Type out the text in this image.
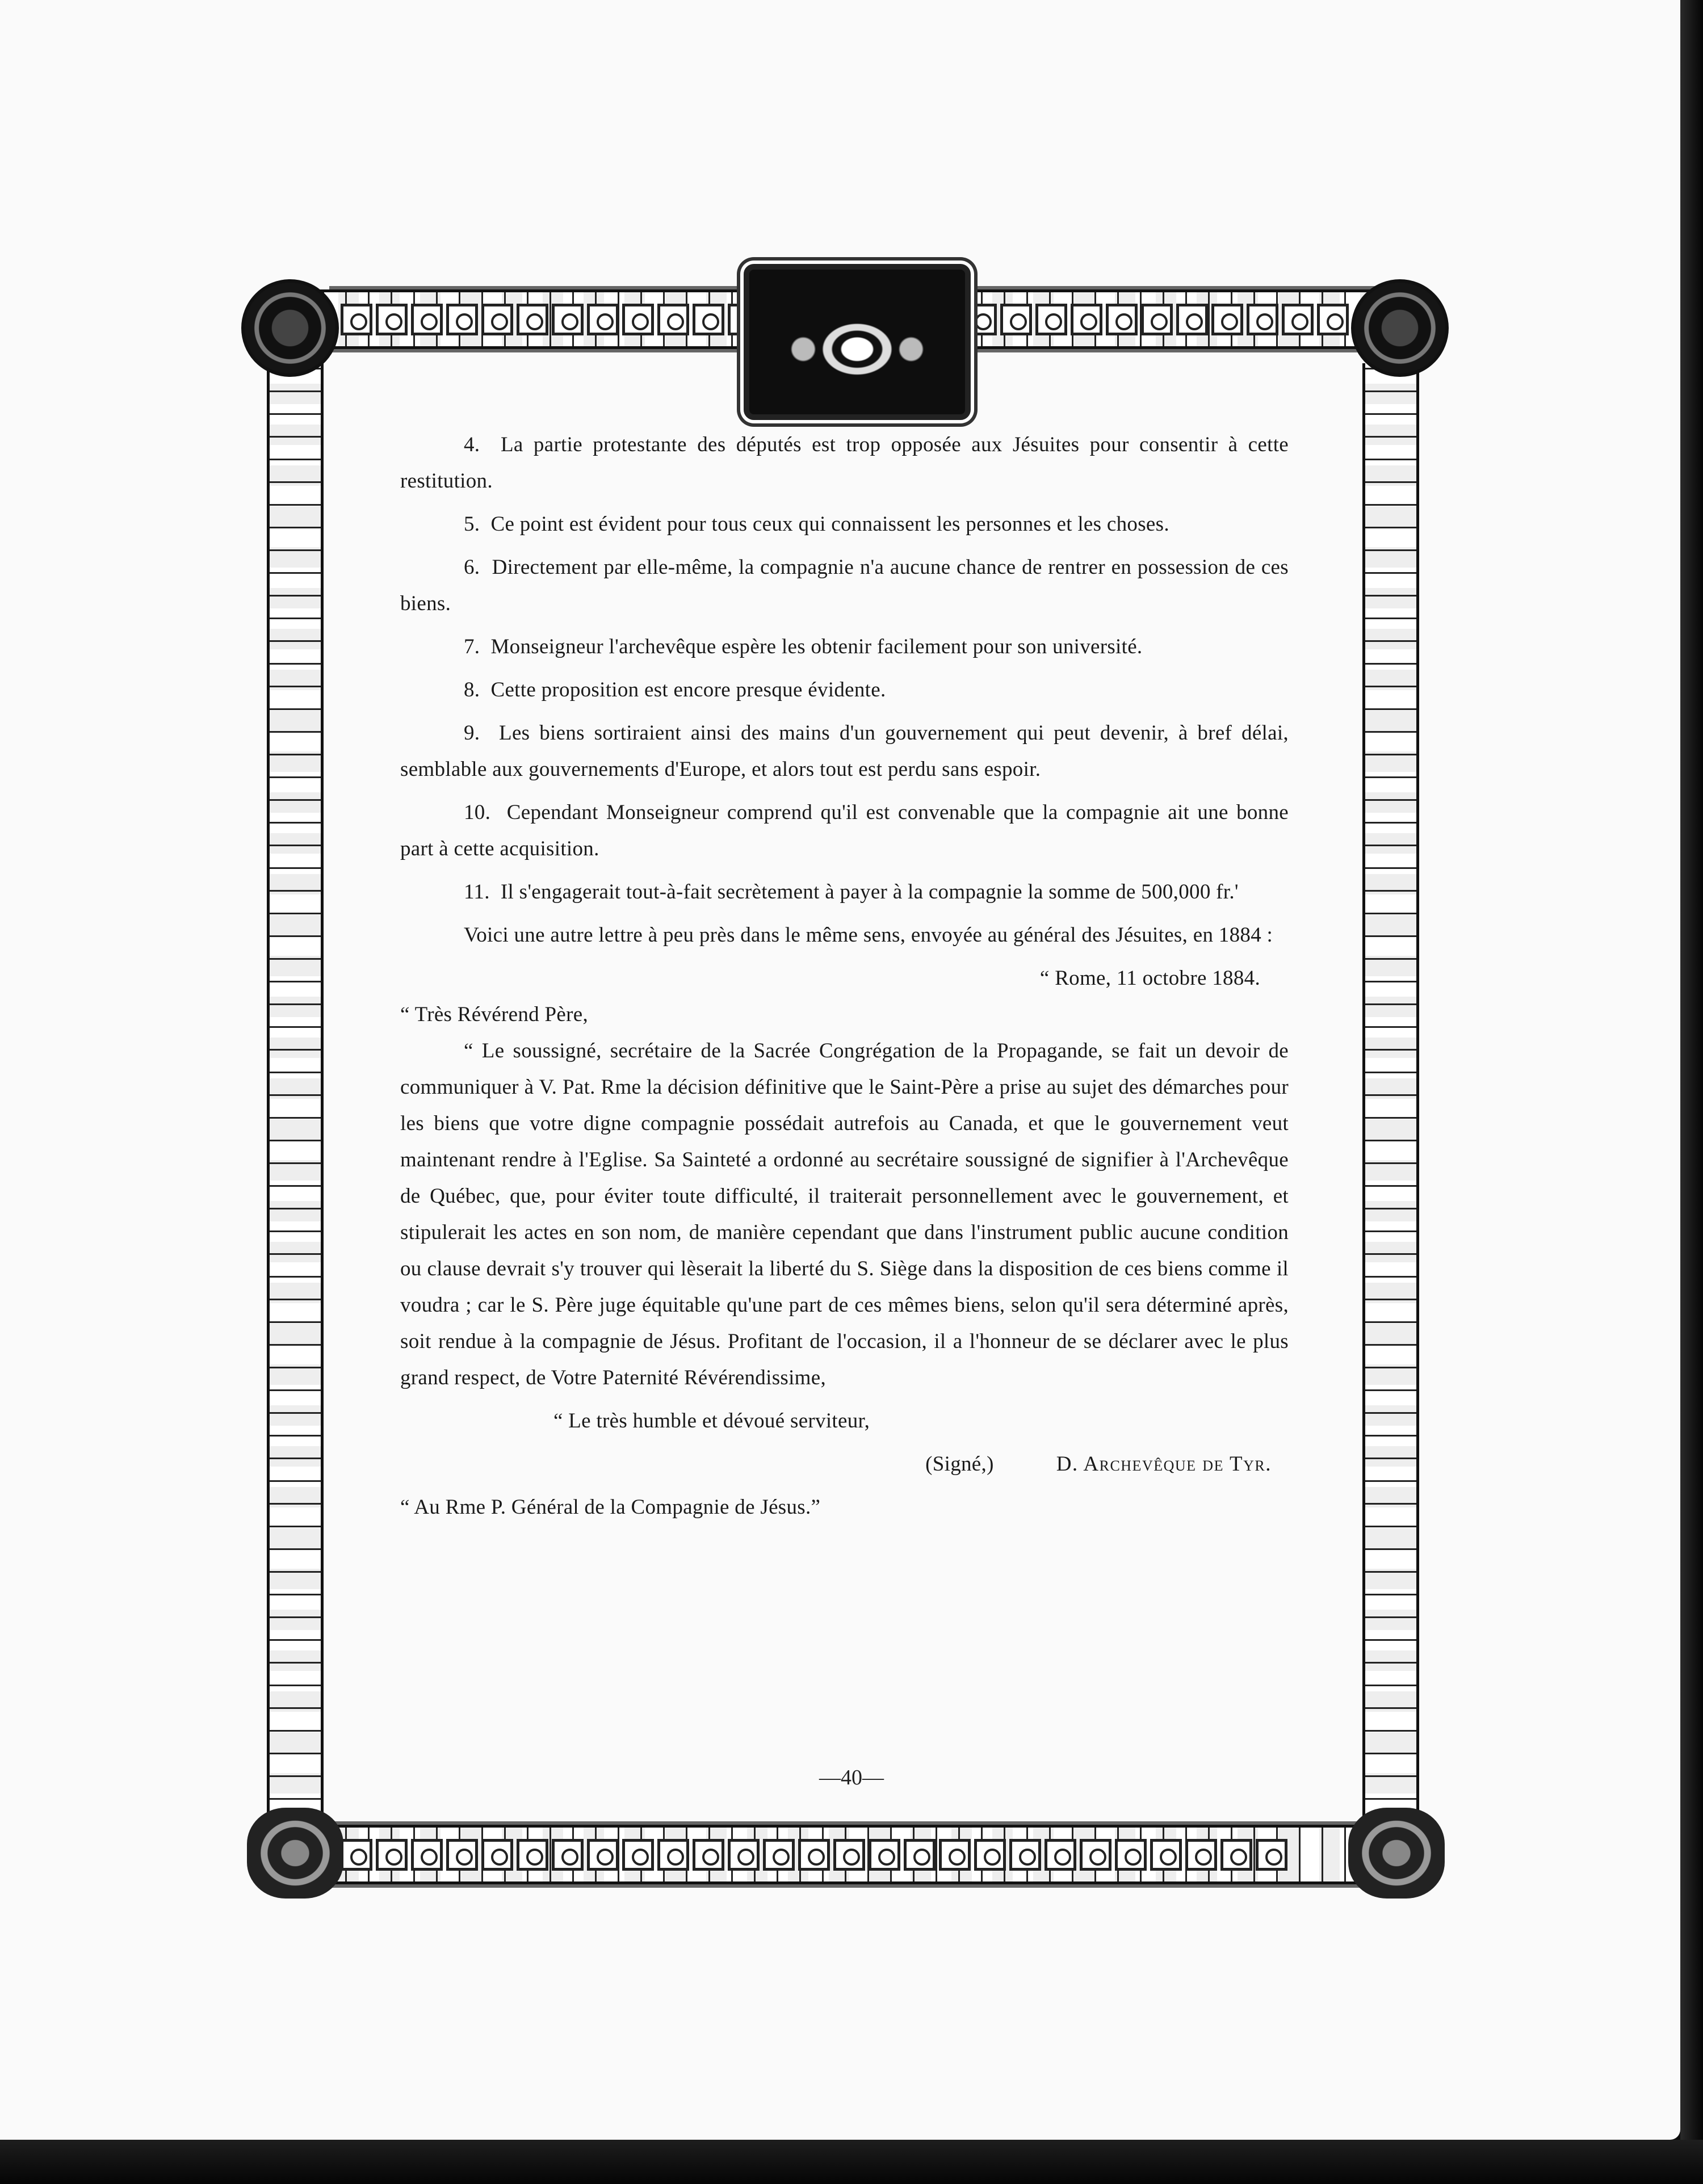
4. La partie protestante des députés est trop opposée aux Jésuites pour consentir à cette restitution.

5. Ce point est évident pour tous ceux qui connaissent les personnes et les choses.

6. Directement par elle-même, la compagnie n'a aucune chance de rentrer en possession de ces biens.

7. Monseigneur l'archevêque espère les obtenir facilement pour son université.

8. Cette proposition est encore presque évidente.

9. Les biens sortiraient ainsi des mains d'un gouvernement qui peut devenir, à bref délai, semblable aux gouvernements d'Europe, et alors tout est perdu sans espoir.

10. Cependant Monseigneur comprend qu'il est convenable que la compagnie ait une bonne part à cette acquisition.

11. Il s'engagerait tout-à-fait secrètement à payer à la compagnie la somme de 500,000 fr.'

Voici une autre lettre à peu près dans le même sens, envoyée au général des Jésuites, en 1884 :

“ Rome, 11 octobre 1884.

“ Très Révérend Père,

“ Le soussigné, secrétaire de la Sacrée Congrégation de la Propagande, se fait un devoir de communiquer à V. Pat. Rme la décision définitive que le Saint-Père a prise au sujet des démarches pour les biens que votre digne compagnie possédait autrefois au Canada, et que le gouvernement veut maintenant rendre à l'Eglise. Sa Sainteté a ordonné au secrétaire soussigné de signifier à l'Archevêque de Québec, que, pour éviter toute difficulté, il traiterait personnellement avec le gouvernement, et stipulerait les actes en son nom, de manière cependant que dans l'instrument public aucune condition ou clause devrait s'y trouver qui lèserait la liberté du S. Siège dans la disposition de ces biens comme il voudra ; car le S. Père juge équitable qu'une part de ces mêmes biens, selon qu'il sera déterminé après, soit rendue à la compagnie de Jésus. Profitant de l'occasion, il a l'honneur de se déclarer avec le plus grand respect, de Votre Paternité Révérendissime,

“ Le très humble et dévoué serviteur,

(Signé,)	D. Archevêque de Tyr.

“ Au Rme P. Général de la Compagnie de Jésus.”

—40—
